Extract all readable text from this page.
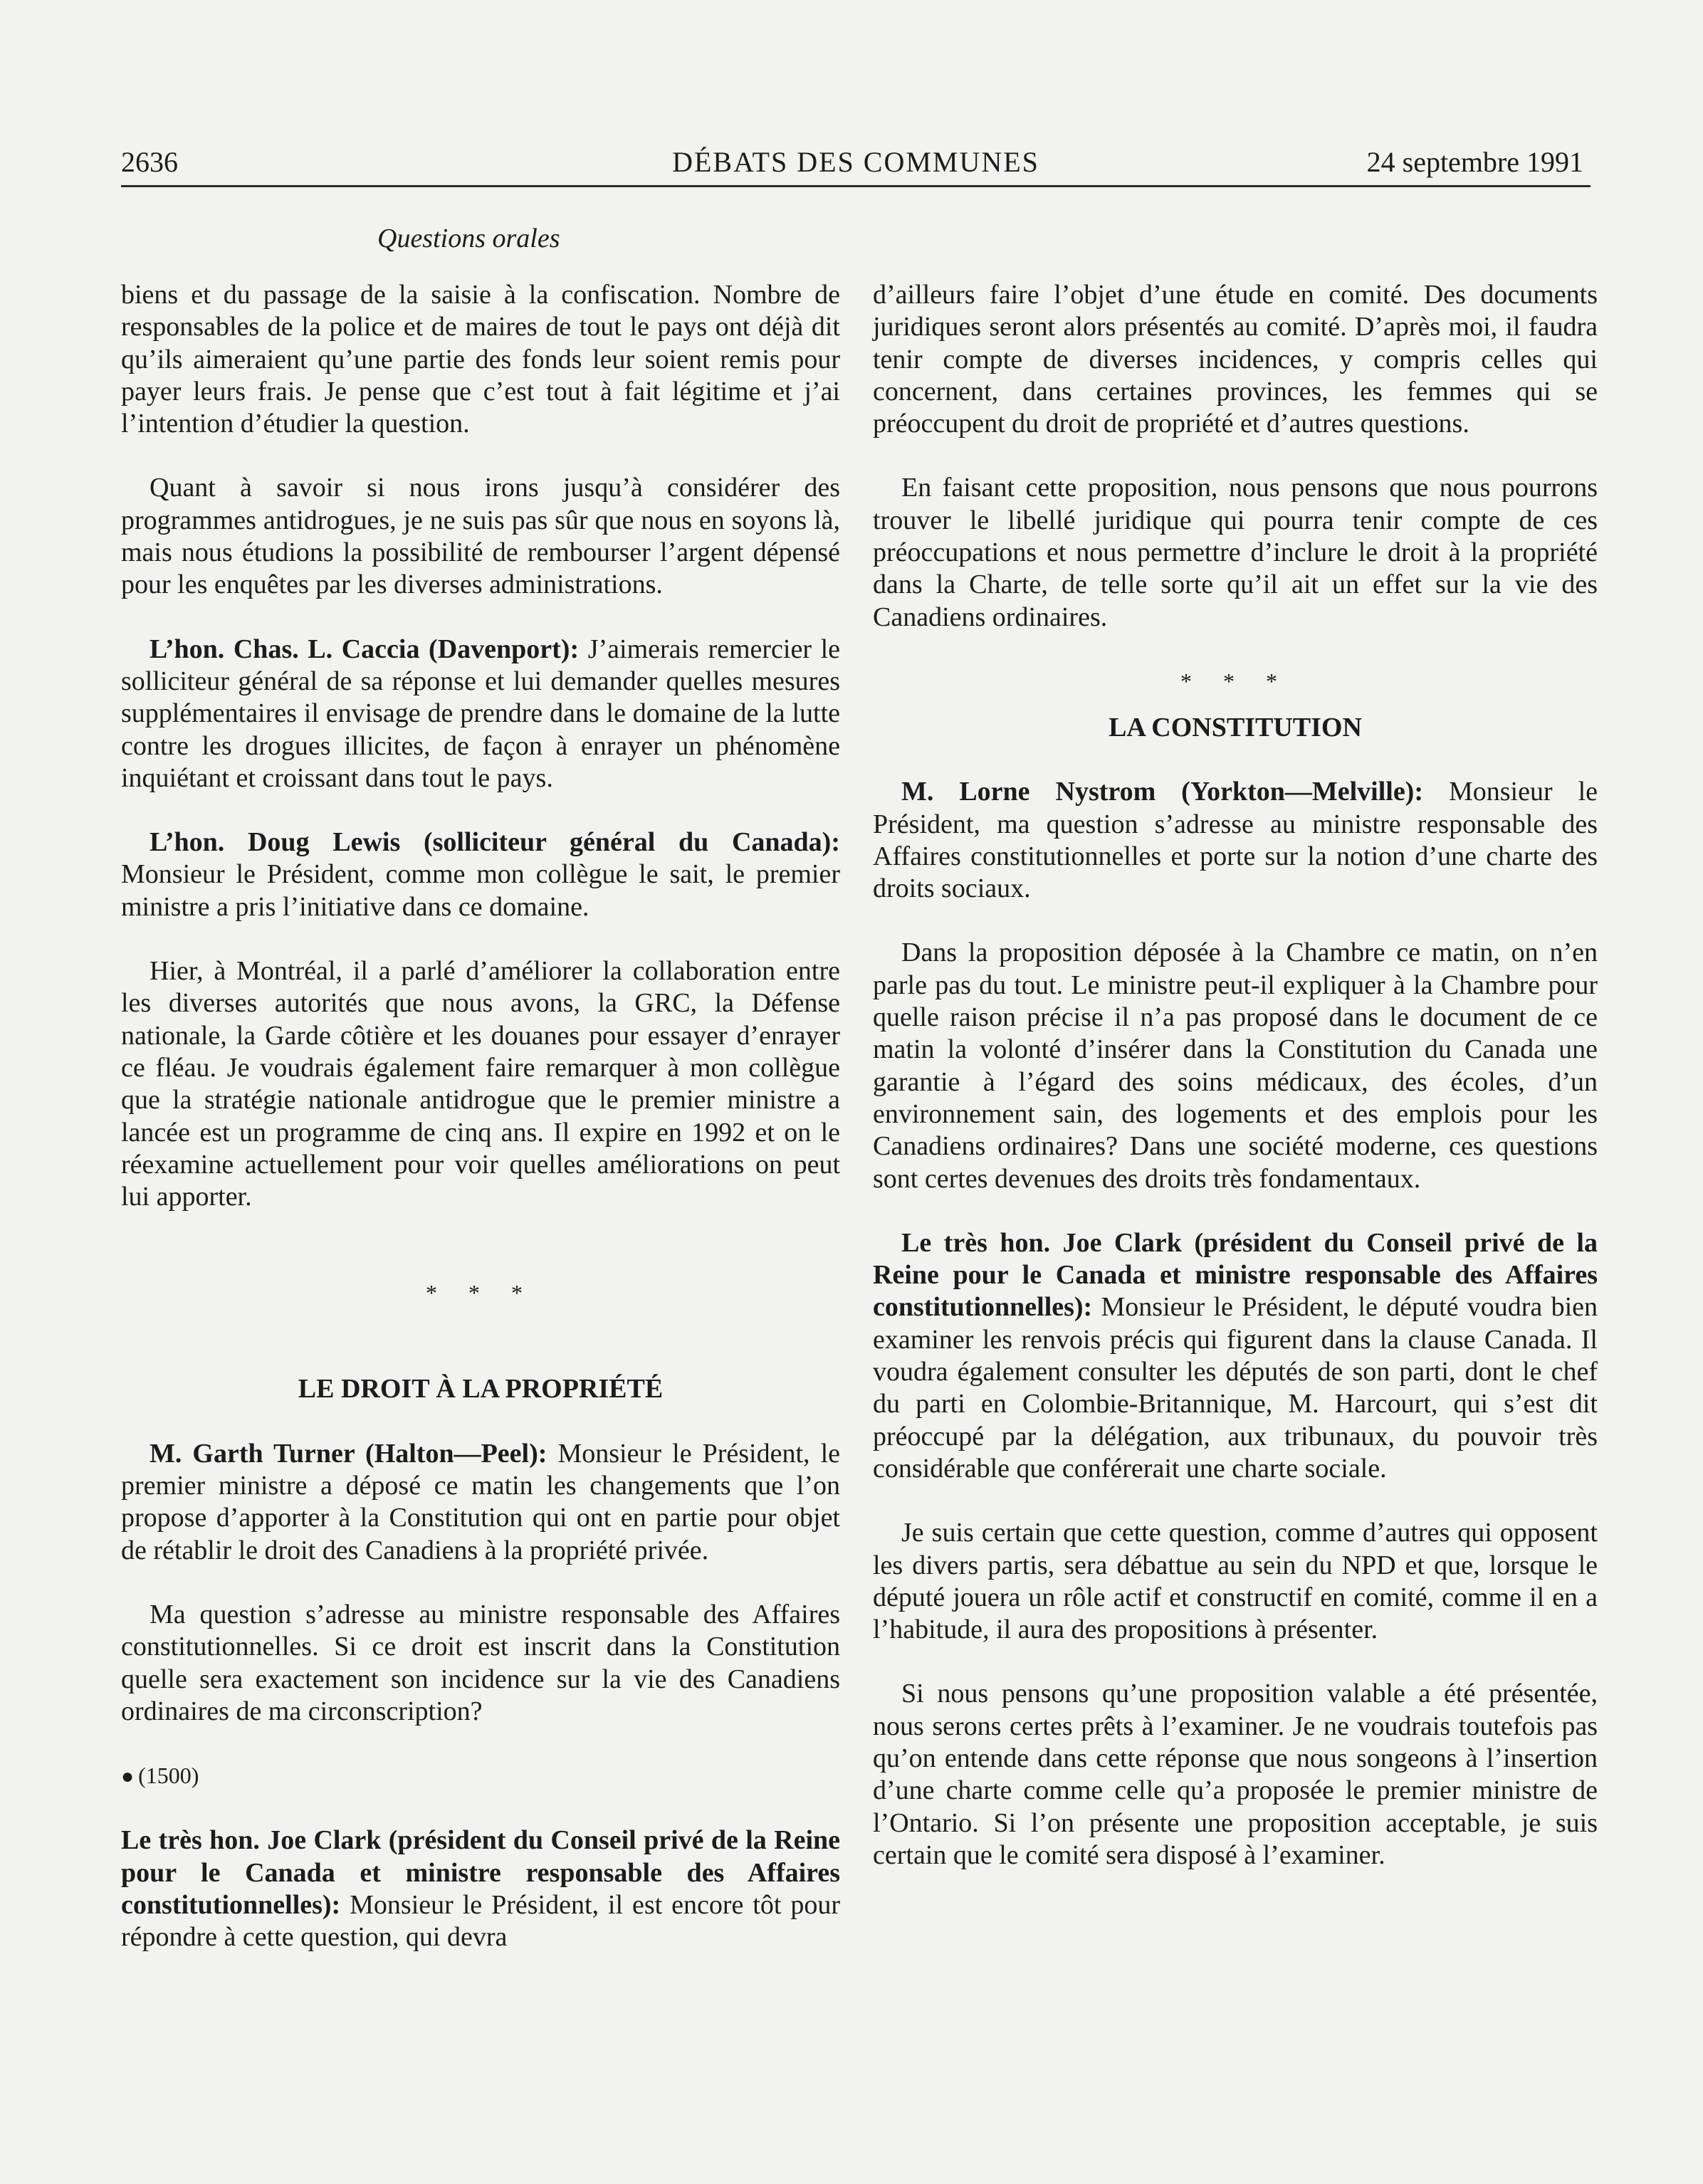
2636	DÉBATS DES COMMUNES	24 septembre 1991
Questions orales

biens et du passage de la saisie à la confiscation. Nombre de responsables de la police et de maires de tout le pays ont déjà dit qu’ils aimeraient qu’une partie des fonds leur soient remis pour payer leurs frais. Je pense que c’est tout à fait légitime et j’ai l’intention d’étudier la question.

Quant à savoir si nous irons jusqu’à considérer des programmes antidrogues, je ne suis pas sûr que nous en soyons là, mais nous étudions la possibilité de rembourser l’argent dépensé pour les enquêtes par les diverses administrations.

L’hon. Chas. L. Caccia (Davenport): J’aimerais remercier le solliciteur général de sa réponse et lui demander quelles mesures supplémentaires il envisage de prendre dans le domaine de la lutte contre les drogues illicites, de façon à enrayer un phénomène inquiétant et croissant dans tout le pays.

L’hon. Doug Lewis (solliciteur général du Canada): Monsieur le Président, comme mon collègue le sait, le premier ministre a pris l’initiative dans ce domaine.

Hier, à Montréal, il a parlé d’améliorer la collaboration entre les diverses autorités que nous avons, la GRC, la Défense nationale, la Garde côtière et les douanes pour essayer d’enrayer ce fléau. Je voudrais également faire remarquer à mon collègue que la stratégie nationale antidrogue que le premier ministre a lancée est un programme de cinq ans. Il expire en 1992 et on le réexamine actuellement pour voir quelles améliorations on peut lui apporter.

* * *
LE DROIT À LA PROPRIÉTÉ

M. Garth Turner (Halton—Peel): Monsieur le Président, le premier ministre a déposé ce matin les changements que l’on propose d’apporter à la Constitution qui ont en partie pour objet de rétablir le droit des Canadiens à la propriété privée.

Ma question s’adresse au ministre responsable des Affaires constitutionnelles. Si ce droit est inscrit dans la Constitution quelle sera exactement son incidence sur la vie des Canadiens ordinaires de ma circonscription?

● (1500)

Le très hon. Joe Clark (président du Conseil privé de la Reine pour le Canada et ministre responsable des Affaires constitutionnelles): Monsieur le Président, il est encore tôt pour répondre à cette question, qui devra

d’ailleurs faire l’objet d’une étude en comité. Des documents juridiques seront alors présentés au comité. D’après moi, il faudra tenir compte de diverses incidences, y compris celles qui concernent, dans certaines provinces, les femmes qui se préoccupent du droit de propriété et d’autres questions.

En faisant cette proposition, nous pensons que nous pourrons trouver le libellé juridique qui pourra tenir compte de ces préoccupations et nous permettre d’inclure le droit à la propriété dans la Charte, de telle sorte qu’il ait un effet sur la vie des Canadiens ordinaires.

* * *
LA CONSTITUTION

M. Lorne Nystrom (Yorkton—Melville): Monsieur le Président, ma question s’adresse au ministre responsable des Affaires constitutionnelles et porte sur la notion d’une charte des droits sociaux.

Dans la proposition déposée à la Chambre ce matin, on n’en parle pas du tout. Le ministre peut-il expliquer à la Chambre pour quelle raison précise il n’a pas proposé dans le document de ce matin la volonté d’insérer dans la Constitution du Canada une garantie à l’égard des soins médicaux, des écoles, d’un environnement sain, des logements et des emplois pour les Canadiens ordinaires? Dans une société moderne, ces questions sont certes devenues des droits très fondamentaux.

Le très hon. Joe Clark (président du Conseil privé de la Reine pour le Canada et ministre responsable des Affaires constitutionnelles): Monsieur le Président, le député voudra bien examiner les renvois précis qui figurent dans la clause Canada. Il voudra également consulter les députés de son parti, dont le chef du parti en Colombie-Britannique, M. Harcourt, qui s’est dit préoccupé par la délégation, aux tribunaux, du pouvoir très considérable que conférerait une charte sociale.

Je suis certain que cette question, comme d’autres qui opposent les divers partis, sera débattue au sein du NPD et que, lorsque le député jouera un rôle actif et constructif en comité, comme il en a l’habitude, il aura des propositions à présenter.

Si nous pensons qu’une proposition valable a été présentée, nous serons certes prêts à l’examiner. Je ne voudrais toutefois pas qu’on entende dans cette réponse que nous songeons à l’insertion d’une charte comme celle qu’a proposée le premier ministre de l’Ontario. Si l’on présente une proposition acceptable, je suis certain que le comité sera disposé à l’examiner.
